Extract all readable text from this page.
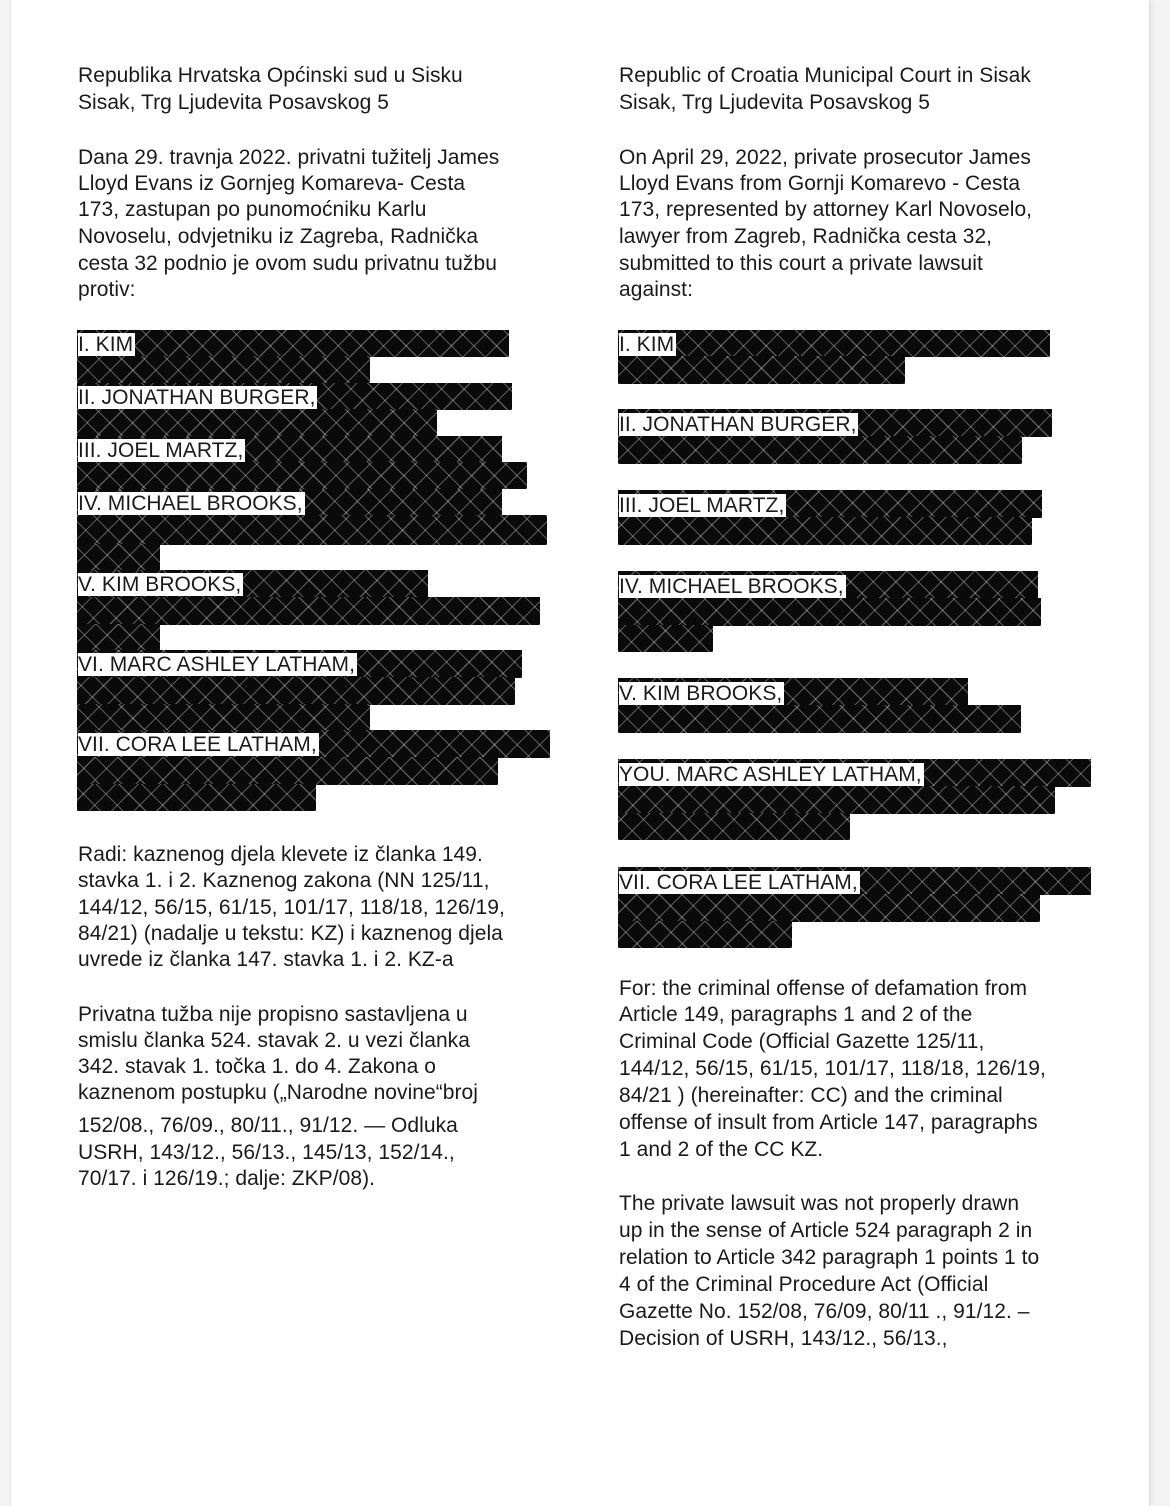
Republika Hrvatska Općinski sud u Sisku
Sisak, Trg Ljudevita Posavskog 5
Dana 29. travnja 2022. privatni tužitelj James
Lloyd Evans iz Gornjeg Komareva- Cesta
173, zastupan po punomoćniku Karlu
Novoselu, odvjetniku iz Zagreba, Radnička
cesta 32 podnio je ovom sudu privatnu tužbu
protiv:
I. KIM
II. JONATHAN BURGER,
III. JOEL MARTZ,
IV. MICHAEL BROOKS,
V. KIM BROOKS,
VI. MARC ASHLEY LATHAM,
VII. CORA LEE LATHAM,
Radi: kaznenog djela klevete iz članka 149.
stavka 1. i 2. Kaznenog zakona (NN 125/11,
144/12, 56/15, 61/15, 101/17, 118/18, 126/19,
84/21) (nadalje u tekstu: KZ) i kaznenog djela
uvrede iz članka 147. stavka 1. i 2. KZ-a
Privatna tužba nije propisno sastavljena u
smislu članka 524. stavak 2. u vezi članka
342. stavak 1. točka 1. do 4. Zakona o
kaznenom postupku („Narodne novine“broj
152/08., 76/09., 80/11., 91/12. — Odluka
USRH, 143/12., 56/13., 145/13, 152/14.,
70/17. i 126/19.; dalje: ZKP/08).
Republic of Croatia Municipal Court in Sisak
Sisak, Trg Ljudevita Posavskog 5
On April 29, 2022, private prosecutor James
Lloyd Evans from Gornji Komarevo - Cesta
173, represented by attorney Karl Novoselo,
lawyer from Zagreb, Radnička cesta 32,
submitted to this court a private lawsuit
against:
I. KIM
II. JONATHAN BURGER,
III. JOEL MARTZ,
IV. MICHAEL BROOKS,
V. KIM BROOKS,
YOU. MARC ASHLEY LATHAM,
VII. CORA LEE LATHAM,
For: the criminal offense of defamation from
Article 149, paragraphs 1 and 2 of the
Criminal Code (Official Gazette 125/11,
144/12, 56/15, 61/15, 101/17, 118/18, 126/19,
84/21 ) (hereinafter: CC) and the criminal
offense of insult from Article 147, paragraphs
1 and 2 of the CC KZ.
The private lawsuit was not properly drawn
up in the sense of Article 524 paragraph 2 in
relation to Article 342 paragraph 1 points 1 to
4 of the Criminal Procedure Act (Official
Gazette No. 152/08, 76/09, 80/11 ., 91/12. –
Decision of USRH, 143/12., 56/13.,
